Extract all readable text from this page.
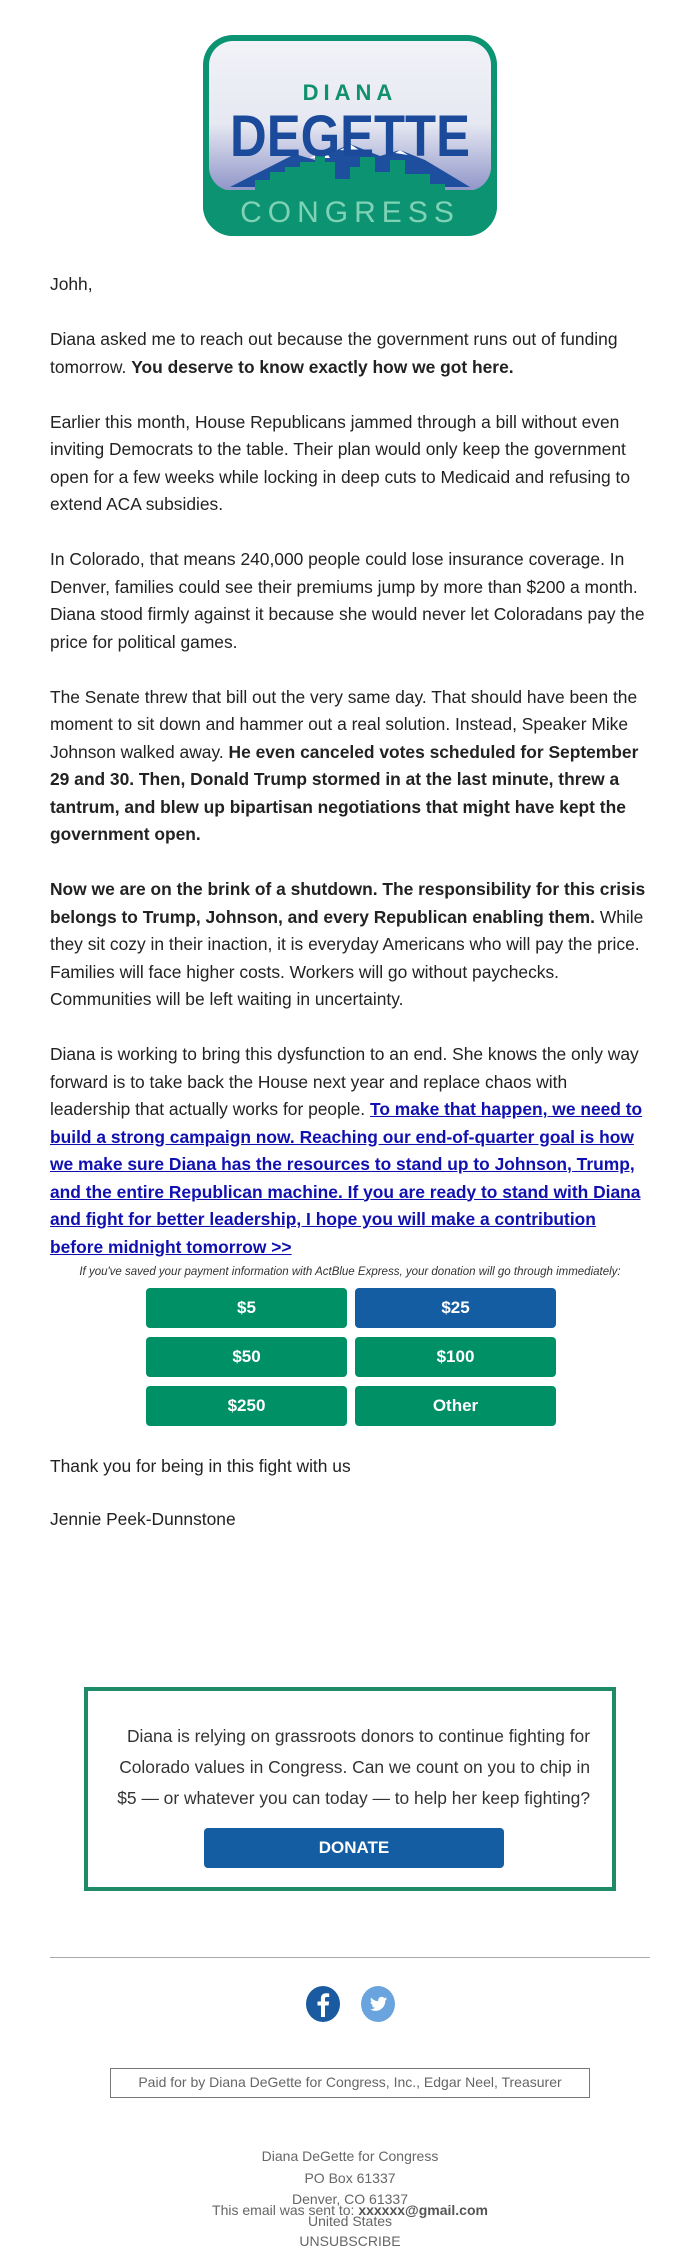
DIANA
DEGETTE
CONGRESS

Johh,

Diana asked me to reach out because the government runs out of funding tomorrow. You deserve to know exactly how we got here.

Earlier this month, House Republicans jammed through a bill without even inviting Democrats to the table. Their plan would only keep the government open for a few weeks while locking in deep cuts to Medicaid and refusing to extend ACA subsidies.

In Colorado, that means 240,000 people could lose insurance coverage. In Denver, families could see their premiums jump by more than $200 a month. Diana stood firmly against it because she would never let Coloradans pay the price for political games.

The Senate threw that bill out the very same day. That should have been the moment to sit down and hammer out a real solution. Instead, Speaker Mike Johnson walked away. He even canceled votes scheduled for September 29 and 30. Then, Donald Trump stormed in at the last minute, threw a tantrum, and blew up bipartisan negotiations that might have kept the government open.

Now we are on the brink of a shutdown. The responsibility for this crisis belongs to Trump, Johnson, and every Republican enabling them. While they sit cozy in their inaction, it is everyday Americans who will pay the price. Families will face higher costs. Workers will go without paychecks. Communities will be left waiting in uncertainty.

Diana is working to bring this dysfunction to an end. She knows the only way forward is to take back the House next year and replace chaos with leadership that actually works for people. To make that happen, we need to build a strong campaign now. Reaching our end-of-quarter goal is how we make sure Diana has the resources to stand up to Johnson, Trump, and the entire Republican machine. If you are ready to stand with Diana and fight for better leadership, I hope you will make a contribution before midnight tomorrow >>

If you've saved your payment information with ActBlue Express, your donation will go through immediately:
$5	$25
$50	$100
$250	Other
Thank you for being in this fight with us
Jennie Peek-Dunnstone
Diana is relying on grassroots donors to continue fighting for Colorado values in Congress. Can we count on you to chip in $5 — or whatever you can today — to help her keep fighting?
DONATE
Paid for by Diana DeGette for Congress, Inc., Edgar Neel, Treasurer
Diana DeGette for Congress
PO Box 61337
Denver, CO 61337
United States
This email was sent to: xxxxxx@gmail.com
UNSUBSCRIBE
